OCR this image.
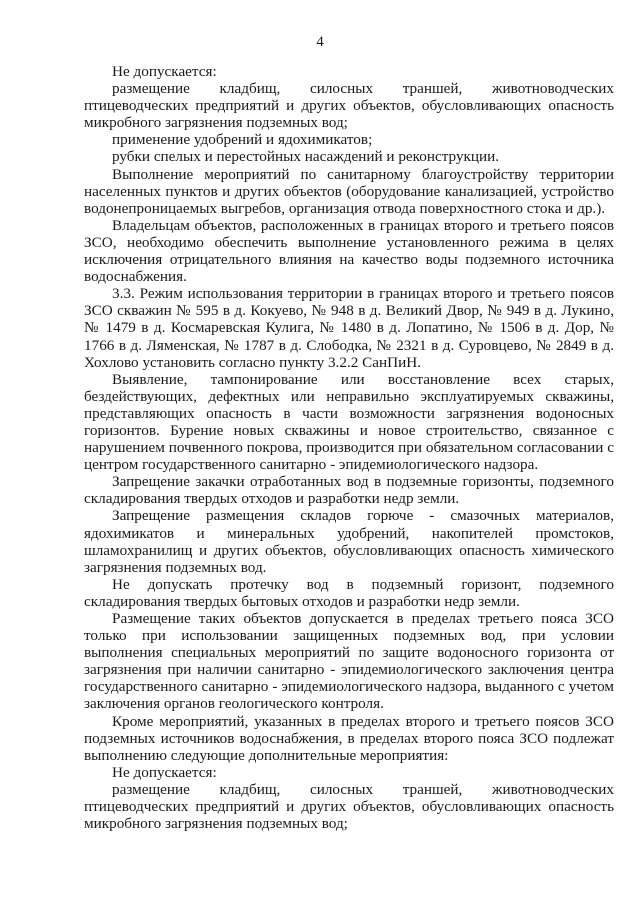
4

Не допускается:

размещение кладбищ, силосных траншей, животноводческих птицеводческих предприятий и других объектов, обусловливающих опасность микробного загрязнения подземных вод;

применение удобрений и ядохимикатов;

рубки спелых и перестойных насаждений и реконструкции.

Выполнение мероприятий по санитарному благоустройству территории населенных пунктов и других объектов (оборудование канализацией, устройство водонепроницаемых выгребов, организация отвода поверхностного стока и др.).

Владельцам объектов, расположенных в границах второго и третьего поясов ЗСО, необходимо обеспечить выполнение установленного режима в целях исключения отрицательного влияния на качество воды подземного источника водоснабжения.

3.3. Режим использования территории в границах второго и третьего поясов ЗСО скважин № 595 в д. Кокуево, № 948 в д. Великий Двор, № 949 в д. Лукино, № 1479 в д. Космаревская Кулига, № 1480 в д. Лопатино, № 1506 в д. Дор, № 1766 в д. Ляменская, № 1787 в д. Слободка, № 2321 в д. Суровцево, № 2849 в д. Хохлово установить согласно пункту 3.2.2 СанПиН.

Выявление, тампонирование или восстановление всех старых, бездействующих, дефектных или неправильно эксплуатируемых скважины, представляющих опасность в части возможности загрязнения водоносных горизонтов. Бурение новых скважины и новое строительство, связанное с нарушением почвенного покрова, производится при обязательном согласовании с центром государственного санитарно - эпидемиологического надзора.

Запрещение закачки отработанных вод в подземные горизонты, подземного складирования твердых отходов и разработки недр земли.

Запрещение размещения складов горюче - смазочных материалов, ядохимикатов и минеральных удобрений, накопителей промстоков, шламохранилищ и других объектов, обусловливающих опасность химического загрязнения подземных вод.

Не допускать протечку вод в подземный горизонт, подземного складирования твердых бытовых отходов и разработки недр земли.

Размещение таких объектов допускается в пределах третьего пояса ЗСО только при использовании защищенных подземных вод, при условии выполнения специальных мероприятий по защите водоносного горизонта от загрязнения при наличии санитарно - эпидемиологического заключения центра государственного санитарно - эпидемиологического надзора, выданного с учетом заключения органов геологического контроля.

Кроме мероприятий, указанных в пределах второго и третьего поясов ЗСО подземных источников водоснабжения, в пределах второго пояса ЗСО подлежат выполнению следующие дополнительные мероприятия:

Не допускается:

размещение кладбищ, силосных траншей, животноводческих птицеводческих предприятий и других объектов, обусловливающих опасность микробного загрязнения подземных вод;
